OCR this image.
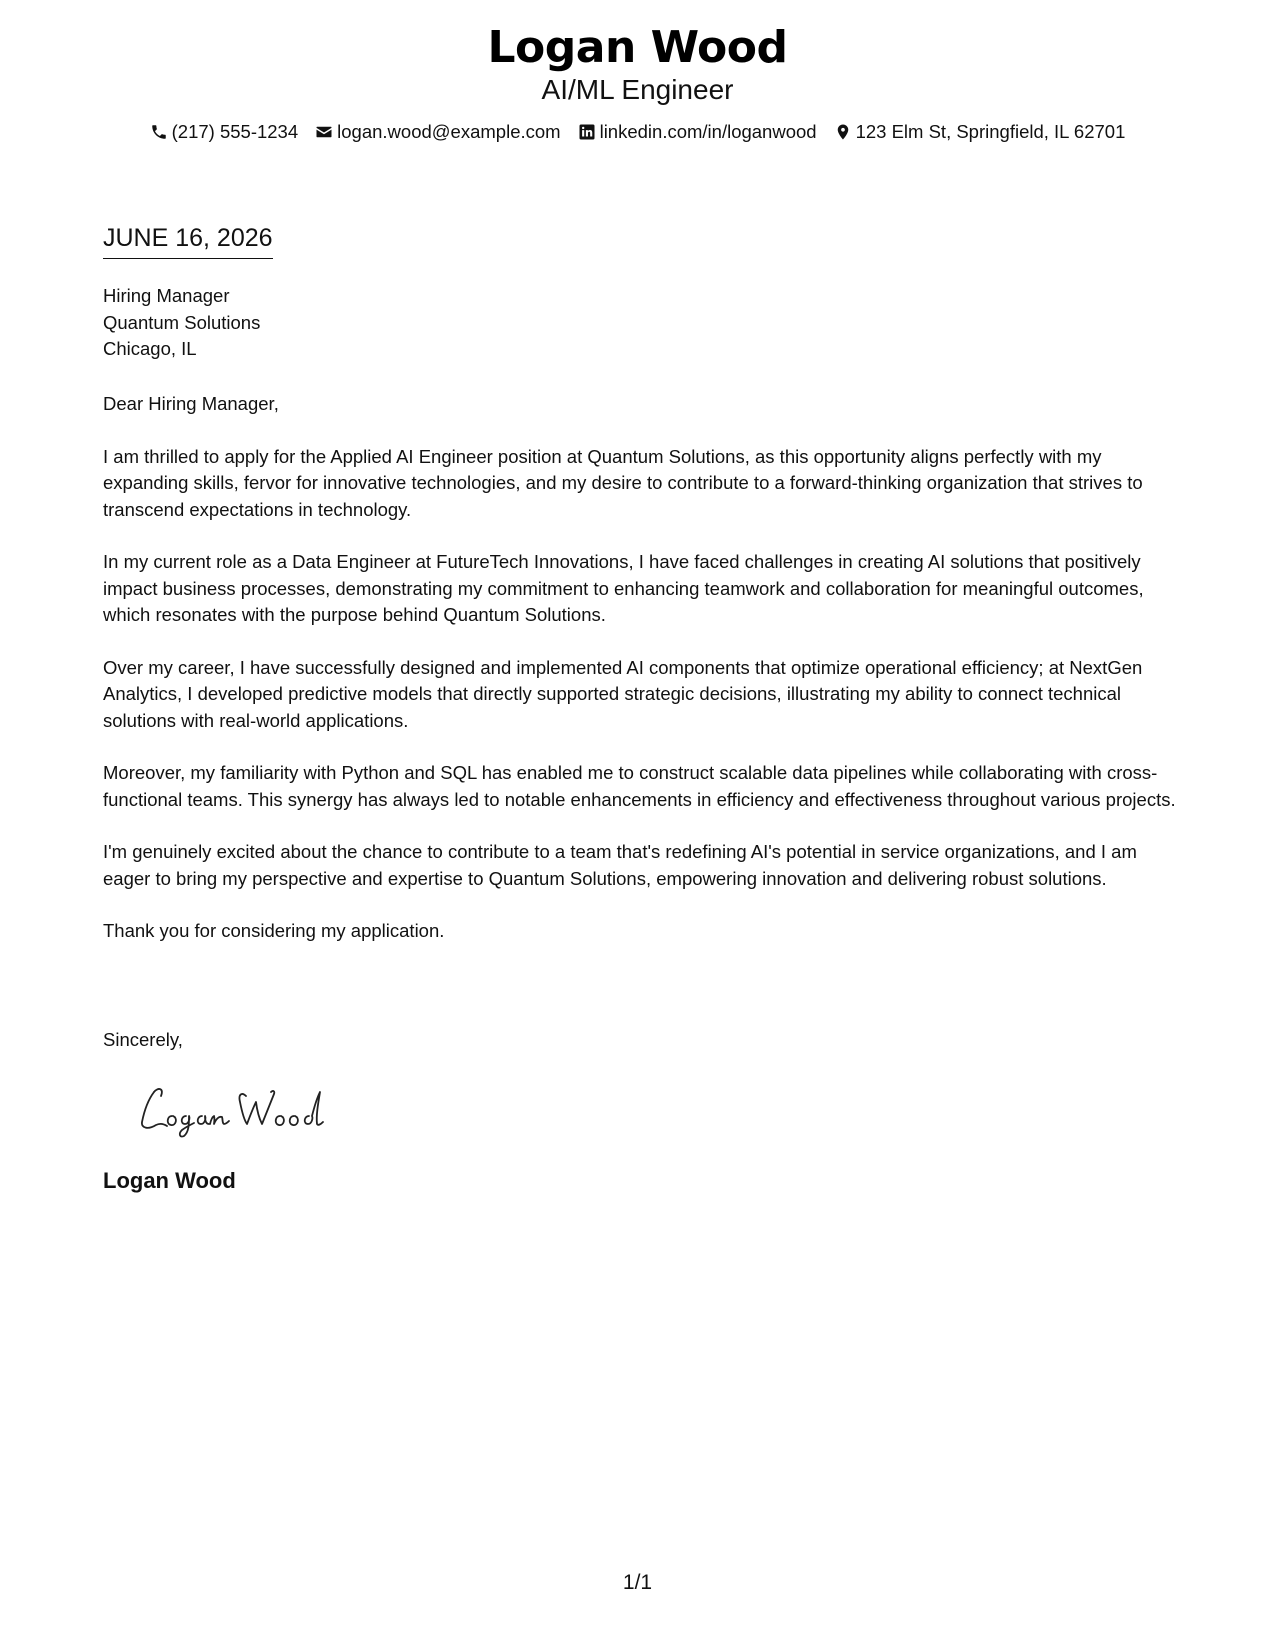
Logan Wood
AI/ML Engineer
(217) 555-1234 logan.wood@example.com linkedin.com/in/loganwood 123 Elm St, Springfield, IL 62701
JUNE 16, 2026
Hiring Manager
Quantum Solutions
Chicago, IL

Dear Hiring Manager,

I am thrilled to apply for the Applied AI Engineer position at Quantum Solutions, as this opportunity aligns perfectly with my expanding skills, fervor for innovative technologies, and my desire to contribute to a forward-thinking organization that strives to transcend expectations in technology.

In my current role as a Data Engineer at FutureTech Innovations, I have faced challenges in creating AI solutions that positively impact business processes, demonstrating my commitment to enhancing teamwork and collaboration for meaningful outcomes, which resonates with the purpose behind Quantum Solutions.

Over my career, I have successfully designed and implemented AI components that optimize operational efficiency; at NextGen Analytics, I developed predictive models that directly supported strategic decisions, illustrating my ability to connect technical solutions with real-world applications.

Moreover, my familiarity with Python and SQL has enabled me to construct scalable data pipelines while collaborating with cross-functional teams. This synergy has always led to notable enhancements in efficiency and effectiveness throughout various projects.

I'm genuinely excited about the chance to contribute to a team that's redefining AI's potential in service organizations, and I am eager to bring my perspective and expertise to Quantum Solutions, empowering innovation and delivering robust solutions.

Thank you for considering my application.

Sincerely,
Logan Wood
1/1
